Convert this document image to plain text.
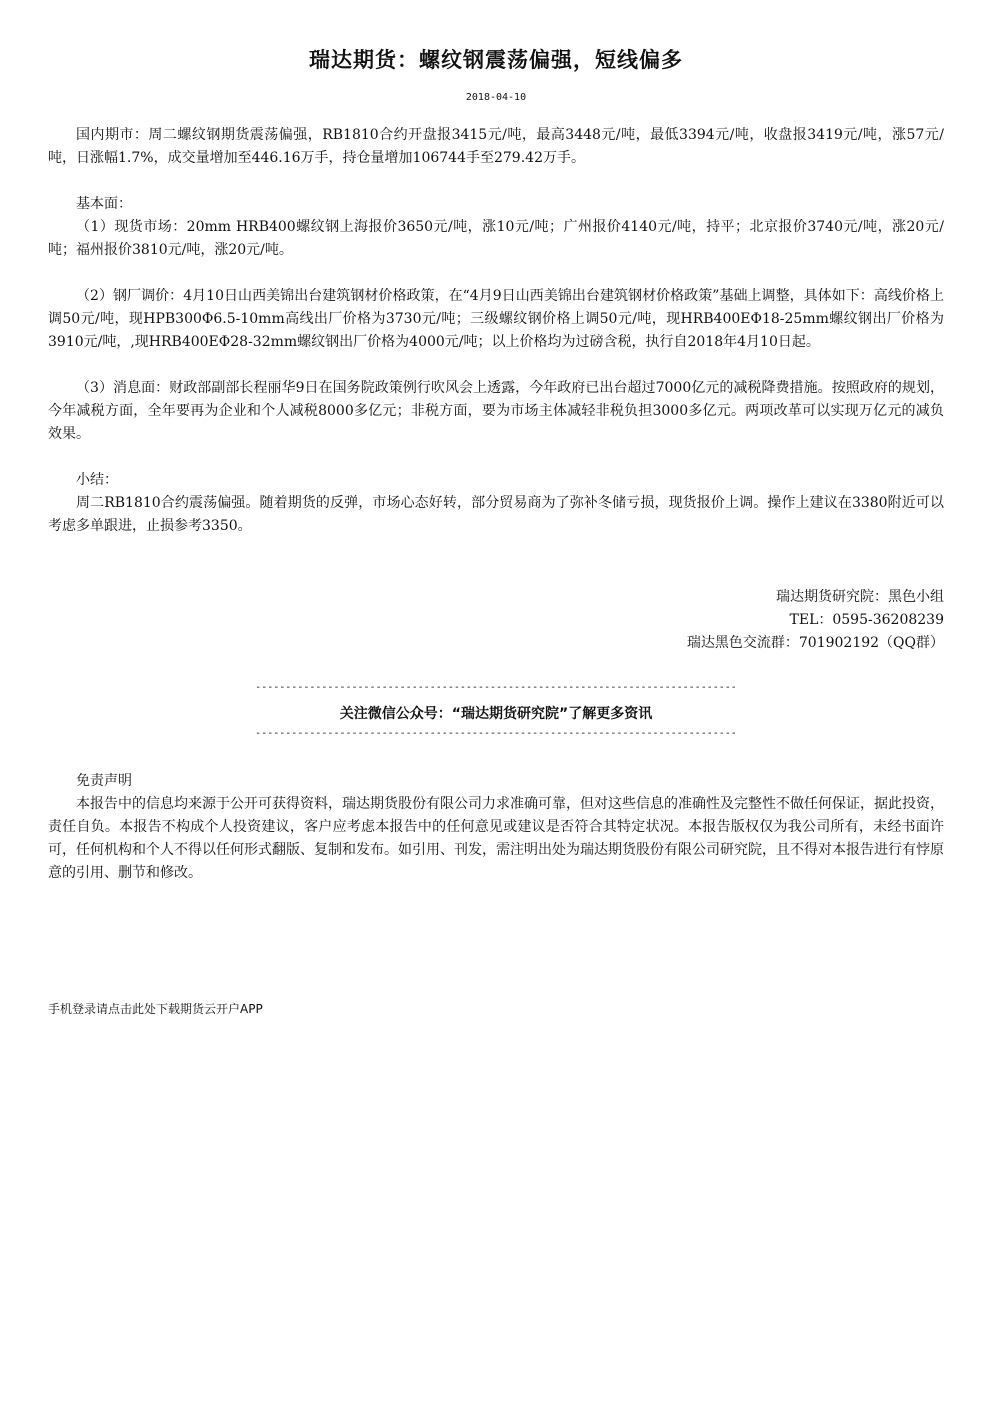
瑞达期货：螺纹钢震荡偏强，短线偏多
2018-04-10
国内期市：周二螺纹钢期货震荡偏强，RB1810合约开盘报3415元/吨，最高3448元/吨，最低3394元/吨，收盘报3419元/吨，涨57元/吨，日涨幅1.7%，成交量增加至446.16万手，持仓量增加106744手至279.42万手。
基本面：
（1）现货市场：20mm HRB400螺纹钢上海报价3650元/吨，涨10元/吨；广州报价4140元/吨，持平；北京报价3740元/吨，涨20元/吨；福州报价3810元/吨，涨20元/吨。
（2）钢厂调价：4月10日山西美锦出台建筑钢材价格政策，在“4月9日山西美锦出台建筑钢材价格政策”基础上调整，具体如下：高线价格上调50元/吨，现HPB300Φ6.5-10mm高线出厂价格为3730元/吨；三级螺纹钢价格上调50元/吨，现HRB400EΦ18-25mm螺纹钢出厂价格为3910元/吨，,现HRB400EΦ28-32mm螺纹钢出厂价格为4000元/吨；以上价格均为过磅含税，执行自2018年4月10日起。
（3）消息面：财政部副部长程丽华9日在国务院政策例行吹风会上透露，今年政府已出台超过7000亿元的减税降费措施。按照政府的规划，今年减税方面，全年要再为企业和个人减税8000多亿元；非税方面，要为市场主体减轻非税负担3000多亿元。两项改革可以实现万亿元的减负效果。
小结：
周二RB1810合约震荡偏强。随着期货的反弹，市场心态好转，部分贸易商为了弥补冬储亏损，现货报价上调。操作上建议在3380附近可以考虑多单跟进，止损参考3350。
瑞达期货研究院：黑色小组
TEL：0595-36208239
瑞达黑色交流群：701902192（QQ群）
--------------------------------------------------------------------------------
关注微信公众号：“瑞达期货研究院”了解更多资讯
--------------------------------------------------------------------------------
免责声明
本报告中的信息均来源于公开可获得资料，瑞达期货股份有限公司力求准确可靠，但对这些信息的准确性及完整性不做任何保证，据此投资，责任自负。本报告不构成个人投资建议，客户应考虑本报告中的任何意见或建议是否符合其特定状况。本报告版权仅为我公司所有，未经书面许可，任何机构和个人不得以任何形式翻版、复制和发布。如引用、刊发，需注明出处为瑞达期货股份有限公司研究院，且不得对本报告进行有悖原意的引用、删节和修改。
手机登录请点击此处下载期货云开户APP
